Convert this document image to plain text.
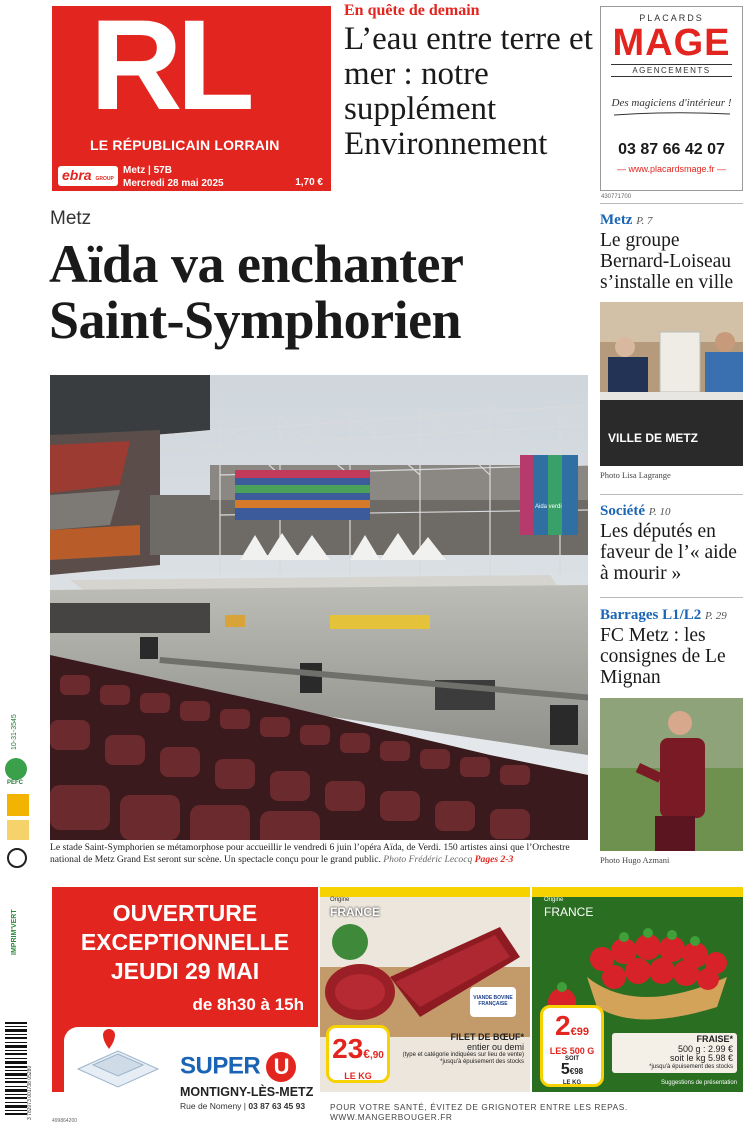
RL
LE RÉPUBLICAIN LORRAIN
ebra GROUP
Metz | 57B
Mercredi 28 mai 2025	1,70 €
En quête de demain
L’eau entre terre et mer : notre supplément Environnement
PLACARDS
MAGE
AGENCEMENTS
Des magiciens d'intérieur !
03 87 66 42 07
— www.placardsmage.fr —
430771700
Metz
Aïda va enchanter Saint-Symphorien
Aida verdi
Le stade Saint-Symphorien se métamorphose pour accueillir le vendredi 6 juin l’opéra Aïda, de Verdi. 150 artistes ainsi que l’Orchestre national de Metz Grand Est seront sur scène. Un spectacle conçu pour le grand public. Photo Frédéric Lecocq Pages 2-3
Metz P. 7
Le groupe Bernard-Loiseau s’installe en ville
VILLE DE METZ
Photo Lisa Lagrange
Société P. 10
Les députés en faveur de l’« aide à mourir »
Barrages L1/L2 P. 29
FC Metz : les consignes de Le Mignan
Photo Hugo Azmani
10-31-3545
PEFC
IMPRIM'VERT
3 782073 001738 05280
OUVERTURE
EXCEPTIONNELLE
JEUDI 29 MAI
de 8h30 à 15h
SUPER U
MONTIGNY-LÈS-METZ
Rue de Nomeny | 03 87 63 45 93
Origine
FRANCE
23€,90
LE KG
VIANDE BOVINE FRANÇAISE
FILET DE BŒUF*
entier ou demi
(type et catégorie indiquées sur lieu de vente)
*jusqu'à épuisement des stocks
Origine
FRANCE
2€99
LES 500 G
SOIT
5€98
LE KG
FRAISE*
500 g : 2.99 €
soit le kg 5.98 €
*jusqu'à épuisement des stocks
Suggestions de présentation
POUR VOTRE SANTÉ, ÉVITEZ DE GRIGNOTER ENTRE LES REPAS. WWW.MANGERBOUGER.FR
499864200
